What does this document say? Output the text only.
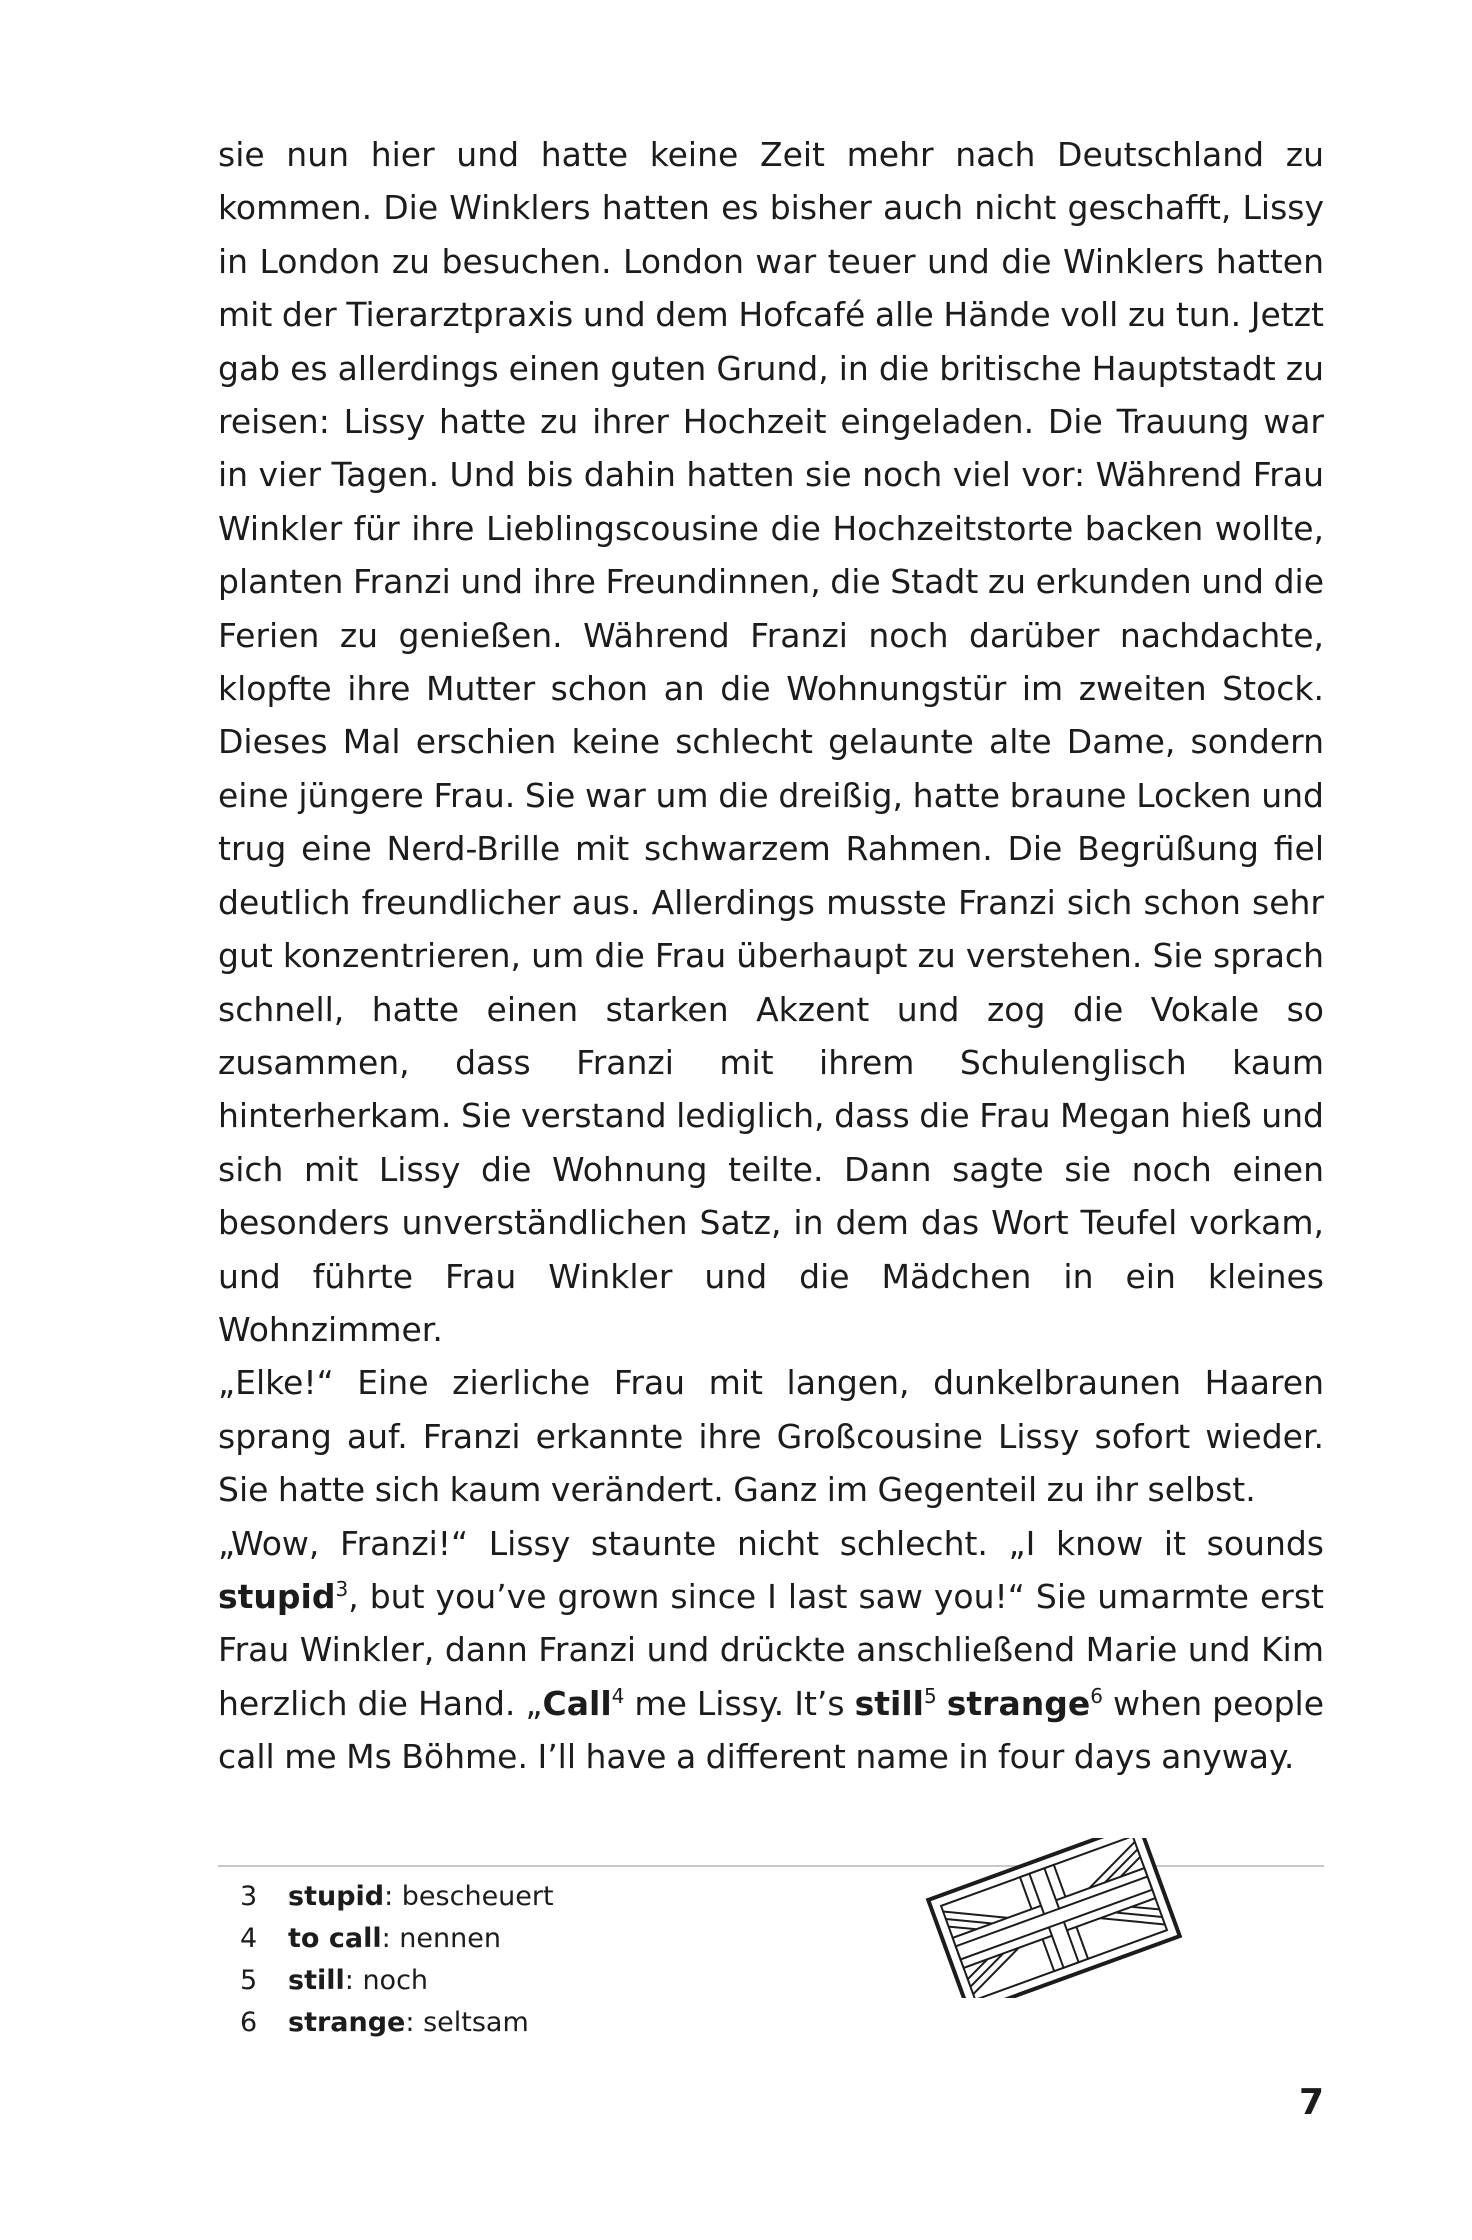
sie nun hier und hatte keine Zeit mehr nach Deutschland zu kommen. Die Winklers hatten es bisher auch nicht geschafft, Lissy in London zu besuchen. London war teuer und die Winklers hatten mit der Tierarztpraxis und dem Hofcafé alle Hände voll zu tun. Jetzt gab es allerdings einen guten Grund, in die britische Hauptstadt zu reisen: Lissy hatte zu ihrer Hochzeit eingeladen. Die Trauung war in vier Tagen. Und bis dahin hatten sie noch viel vor: Während Frau Winkler für ihre Lieblingscousine die Hochzeitstorte backen wollte, planten Franzi und ihre Freundinnen, die Stadt zu erkunden und die Ferien zu genießen. Während Franzi noch darüber nachdachte, klopfte ihre Mutter schon an die Wohnungstür im zweiten Stock. Dieses Mal erschien keine schlecht gelaunte alte Dame, sondern eine jüngere Frau. Sie war um die dreißig, hatte braune Locken und trug eine Nerd-Brille mit schwarzem Rahmen. Die Begrüßung fiel deutlich freundlicher aus. Allerdings musste Franzi sich schon sehr gut konzentrieren, um die Frau überhaupt zu verstehen. Sie sprach schnell, hatte einen starken Akzent und zog die Vokale so zusammen, dass Franzi mit ihrem Schulenglisch kaum hinterherkam. Sie verstand lediglich, dass die Frau Megan hieß und sich mit Lissy die Wohnung teilte. Dann sagte sie noch einen besonders unverständlichen Satz, in dem das Wort Teufel vorkam, und führte Frau Winkler und die Mädchen in ein kleines Wohnzimmer.

„Elke!“ Eine zierliche Frau mit langen, dunkelbraunen Haaren sprang auf. Franzi erkannte ihre Großcousine Lissy sofort wieder. Sie hatte sich kaum verändert. Ganz im Gegenteil zu ihr selbst.

„Wow, Franzi!“ Lissy staunte nicht schlecht. „I know it sounds stupid$^3$, but you’ve grown since I last saw you!“ Sie umarmte erst Frau Winkler, dann Franzi und drückte anschließend Marie und Kim herzlich die Hand. „Call$^4$ me Lissy. It’s still$^5$ strange$^6$ when people call me Ms Böhme. I’ll have a different name in four days anyway.

3	stupid: bescheuert
4	to call: nennen
5	still: noch
6	strange: seltsam
7
